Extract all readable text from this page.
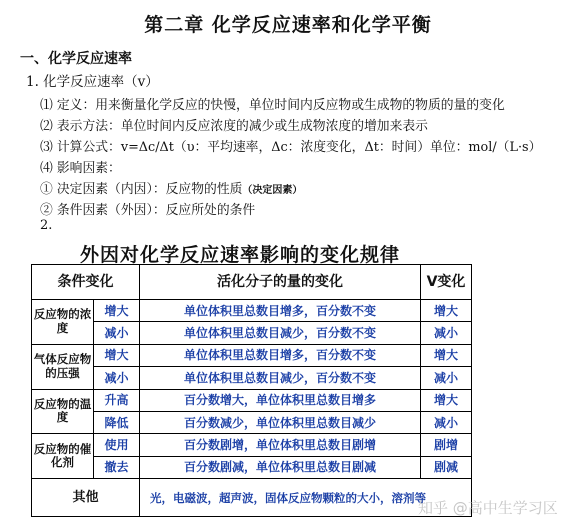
第二章 化学反应速率和化学平衡
一、化学反应速率
1. 化学反应速率（v）
⑴ 定义：用来衡量化学反应的快慢，单位时间内反应物或生成物的物质的量的变化
⑵ 表示方法：单位时间内反应浓度的减少或生成物浓度的增加来表示
⑶ 计算公式：v=Δc/Δt（υ：平均速率，Δc：浓度变化，Δt：时间）单位：mol/（L·s）
⑷ 影响因素：
① 决定因素（内因）：反应物的性质（决定因素）
② 条件因素（外因）：反应所处的条件
2.
外因对化学反应速率影响的变化规律
条件变化		活化分子的量的变化	V变化
反应物的浓度	增大	单位体积里总数目增多，百分数不变	增大
	减小	单位体积里总数目减少，百分数不变	减小
气体反应物的压强	增大	单位体积里总数目增多，百分数不变	增大
	减小	单位体积里总数目减少，百分数不变	减小
反应物的温度	升高	百分数增大，单位体积里总数目增多	增大
	降低	百分数减少，单位体积里总数目减少	减小
反应物的催化剂	使用	百分数剧增，单位体积里总数目剧增	剧增
	撤去	百分数剧减，单位体积里总数目剧减	剧减
其他		光，电磁波，超声波，固体反应物颗粒的大小，溶剂等	
知乎 @高中生学习区
